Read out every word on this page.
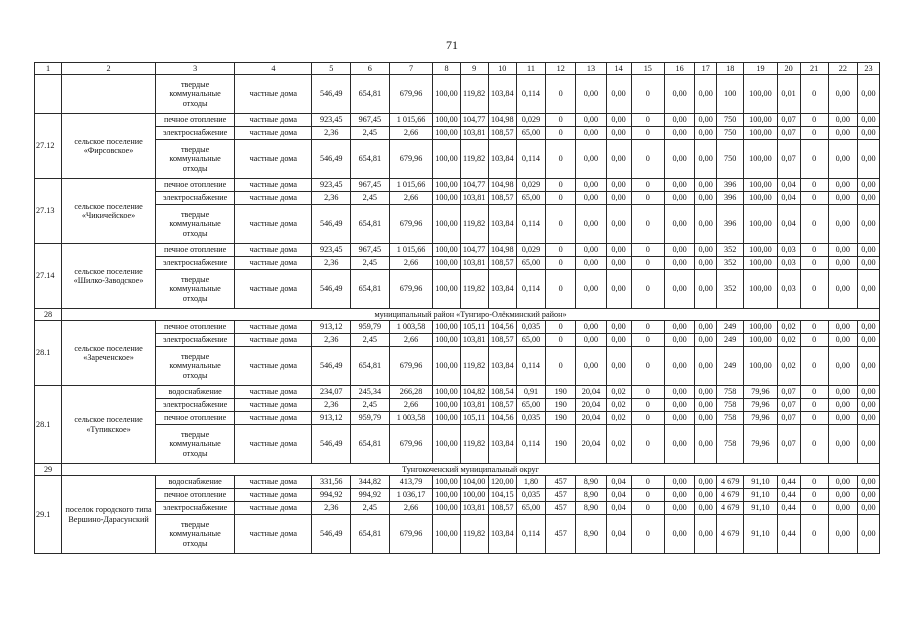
71
1	2	3	4	5	6	7	8	9	10	11	12	13	14	15	16	17	18	19	20	21	22	23
		твердые коммунальные отходы	частные дома	546,49	654,81	679,96	100,00	119,82	103,84	0,114	0	0,00	0,00	0	0,00	0,00	100	100,00	0,01	0	0,00	0,00
27.12	сельское поселение «Фирсовское»	печное отопление	частные дома	923,45	967,45	1 015,66	100,00	104,77	104,98	0,029	0	0,00	0,00	0	0,00	0,00	750	100,00	0,07	0	0,00	0,00
		электроснабжение	частные дома	2,36	2,45	2,66	100,00	103,81	108,57	65,00	0	0,00	0,00	0	0,00	0,00	750	100,00	0,07	0	0,00	0,00
		твердые коммунальные отходы	частные дома	546,49	654,81	679,96	100,00	119,82	103,84	0,114	0	0,00	0,00	0	0,00	0,00	750	100,00	0,07	0	0,00	0,00
27.13	сельское поселение «Чикичейское»	печное отопление	частные дома	923,45	967,45	1 015,66	100,00	104,77	104,98	0,029	0	0,00	0,00	0	0,00	0,00	396	100,00	0,04	0	0,00	0,00
		электроснабжение	частные дома	2,36	2,45	2,66	100,00	103,81	108,57	65,00	0	0,00	0,00	0	0,00	0,00	396	100,00	0,04	0	0,00	0,00
		твердые коммунальные отходы	частные дома	546,49	654,81	679,96	100,00	119,82	103,84	0,114	0	0,00	0,00	0	0,00	0,00	396	100,00	0,04	0	0,00	0,00
27.14	сельское поселение «Шилко-Заводское»	печное отопление	частные дома	923,45	967,45	1 015,66	100,00	104,77	104,98	0,029	0	0,00	0,00	0	0,00	0,00	352	100,00	0,03	0	0,00	0,00
		электроснабжение	частные дома	2,36	2,45	2,66	100,00	103,81	108,57	65,00	0	0,00	0,00	0	0,00	0,00	352	100,00	0,03	0	0,00	0,00
		твердые коммунальные отходы	частные дома	546,49	654,81	679,96	100,00	119,82	103,84	0,114	0	0,00	0,00	0	0,00	0,00	352	100,00	0,03	0	0,00	0,00
28	муниципальный район «Тунгиро-Олёкминский район»																					
28.1	сельское поселение «Зареченское»	печное отопление	частные дома	913,12	959,79	1 003,58	100,00	105,11	104,56	0,035	0	0,00	0,00	0	0,00	0,00	249	100,00	0,02	0	0,00	0,00
		электроснабжение	частные дома	2,36	2,45	2,66	100,00	103,81	108,57	65,00	0	0,00	0,00	0	0,00	0,00	249	100,00	0,02	0	0,00	0,00
		твердые коммунальные отходы	частные дома	546,49	654,81	679,96	100,00	119,82	103,84	0,114	0	0,00	0,00	0	0,00	0,00	249	100,00	0,02	0	0,00	0,00
28.1	сельское поселение «Тупикское»	водоснабжение	частные дома	234,07	245,34	266,28	100,00	104,82	108,54	0,91	190	20,04	0,02	0	0,00	0,00	758	79,96	0,07	0	0,00	0,00
		электроснабжение	частные дома	2,36	2,45	2,66	100,00	103,81	108,57	65,00	190	20,04	0,02	0	0,00	0,00	758	79,96	0,07	0	0,00	0,00
		печное отопление	частные дома	913,12	959,79	1 003,58	100,00	105,11	104,56	0,035	190	20,04	0,02	0	0,00	0,00	758	79,96	0,07	0	0,00	0,00
		твердые коммунальные отходы	частные дома	546,49	654,81	679,96	100,00	119,82	103,84	0,114	190	20,04	0,02	0	0,00	0,00	758	79,96	0,07	0	0,00	0,00
29	Тунгокоченский муниципальный округ																					
29.1	поселок городского типа Вершино-Дарасунский	водоснабжение	частные дома	331,56	344,82	413,79	100,00	104,00	120,00	1,80	457	8,90	0,04	0	0,00	0,00	4 679	91,10	0,44	0	0,00	0,00
		печное отопление	частные дома	994,92	994,92	1 036,17	100,00	100,00	104,15	0,035	457	8,90	0,04	0	0,00	0,00	4 679	91,10	0,44	0	0,00	0,00
		электроснабжение	частные дома	2,36	2,45	2,66	100,00	103,81	108,57	65,00	457	8,90	0,04	0	0,00	0,00	4 679	91,10	0,44	0	0,00	0,00
		твердые коммунальные отходы	частные дома	546,49	654,81	679,96	100,00	119,82	103,84	0,114	457	8,90	0,04	0	0,00	0,00	4 679	91,10	0,44	0	0,00	0,00
